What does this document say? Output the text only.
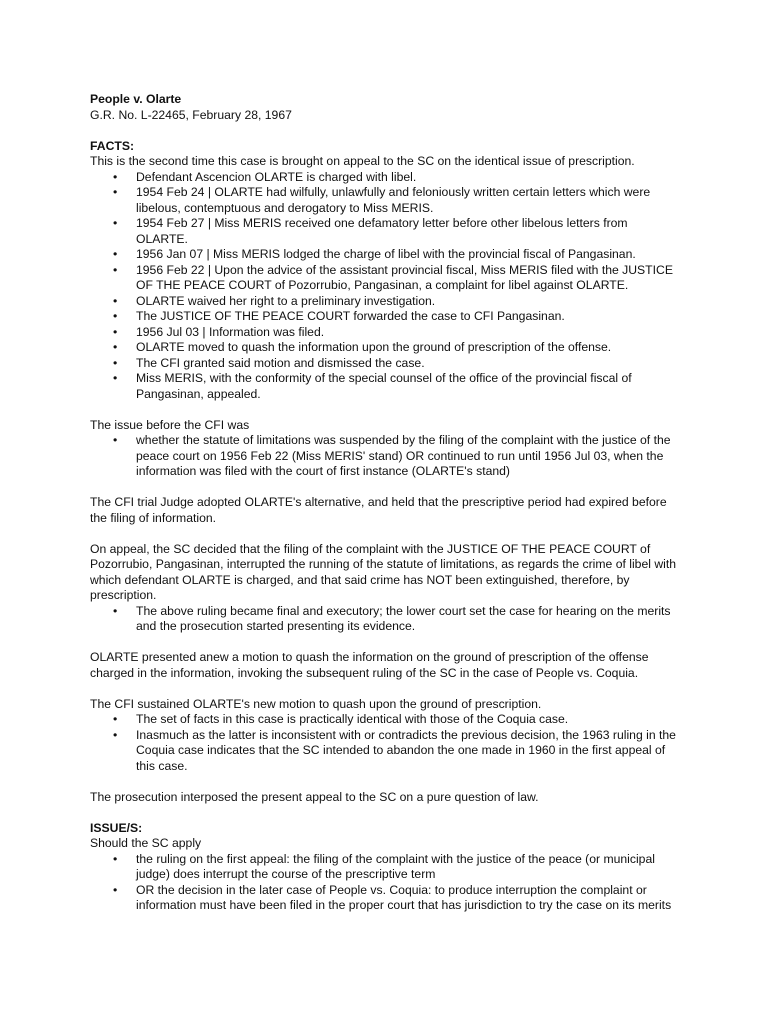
People v. Olarte

G.R. No. L-22465, February 28, 1967

FACTS:

This is the second time this case is brought on appeal to the SC on the identical issue of prescription.

• Defendant Ascencion OLARTE is charged with libel.
• 1954 Feb 24 | OLARTE had wilfully, unlawfully and feloniously written certain letters which were libelous, contemptuous and derogatory to Miss MERIS.
• 1954 Feb 27 | Miss MERIS received one defamatory letter before other libelous letters from OLARTE.
• 1956 Jan 07 | Miss MERIS lodged the charge of libel with the provincial fiscal of Pangasinan.
• 1956 Feb 22 | Upon the advice of the assistant provincial fiscal, Miss MERIS filed with the JUSTICE OF THE PEACE COURT of Pozorrubio, Pangasinan, a complaint for libel against OLARTE.
• OLARTE waived her right to a preliminary investigation.
• The JUSTICE OF THE PEACE COURT forwarded the case to CFI Pangasinan.
• 1956 Jul 03 | Information was filed.
• OLARTE moved to quash the information upon the ground of prescription of the offense.
• The CFI granted said motion and dismissed the case.
• Miss MERIS, with the conformity of the special counsel of the office of the provincial fiscal of Pangasinan, appealed.

The issue before the CFI was

• whether the statute of limitations was suspended by the filing of the complaint with the justice of the peace court on 1956 Feb 22 (Miss MERIS' stand) OR continued to run until 1956 Jul 03, when the information was filed with the court of first instance (OLARTE's stand)

The CFI trial Judge adopted OLARTE's alternative, and held that the prescriptive period had expired before the filing of information.

On appeal, the SC decided that the filing of the complaint with the JUSTICE OF THE PEACE COURT of Pozorrubio, Pangasinan, interrupted the running of the statute of limitations, as regards the crime of libel with which defendant OLARTE is charged, and that said crime has NOT been extinguished, therefore, by prescription.

• The above ruling became final and executory; the lower court set the case for hearing on the merits and the prosecution started presenting its evidence.

OLARTE presented anew a motion to quash the information on the ground of prescription of the offense charged in the information, invoking the subsequent ruling of the SC in the case of People vs. Coquia.

The CFI sustained OLARTE's new motion to quash upon the ground of prescription.

• The set of facts in this case is practically identical with those of the Coquia case.
• Inasmuch as the latter is inconsistent with or contradicts the previous decision, the 1963 ruling in the Coquia case indicates that the SC intended to abandon the one made in 1960 in the first appeal of this case.

The prosecution interposed the present appeal to the SC on a pure question of law.

ISSUE/S:

Should the SC apply

• the ruling on the first appeal: the filing of the complaint with the justice of the peace (or municipal judge) does interrupt the course of the prescriptive term
• OR the decision in the later case of People vs. Coquia: to produce interruption the complaint or information must have been filed in the proper court that has jurisdiction to try the case on its merits
